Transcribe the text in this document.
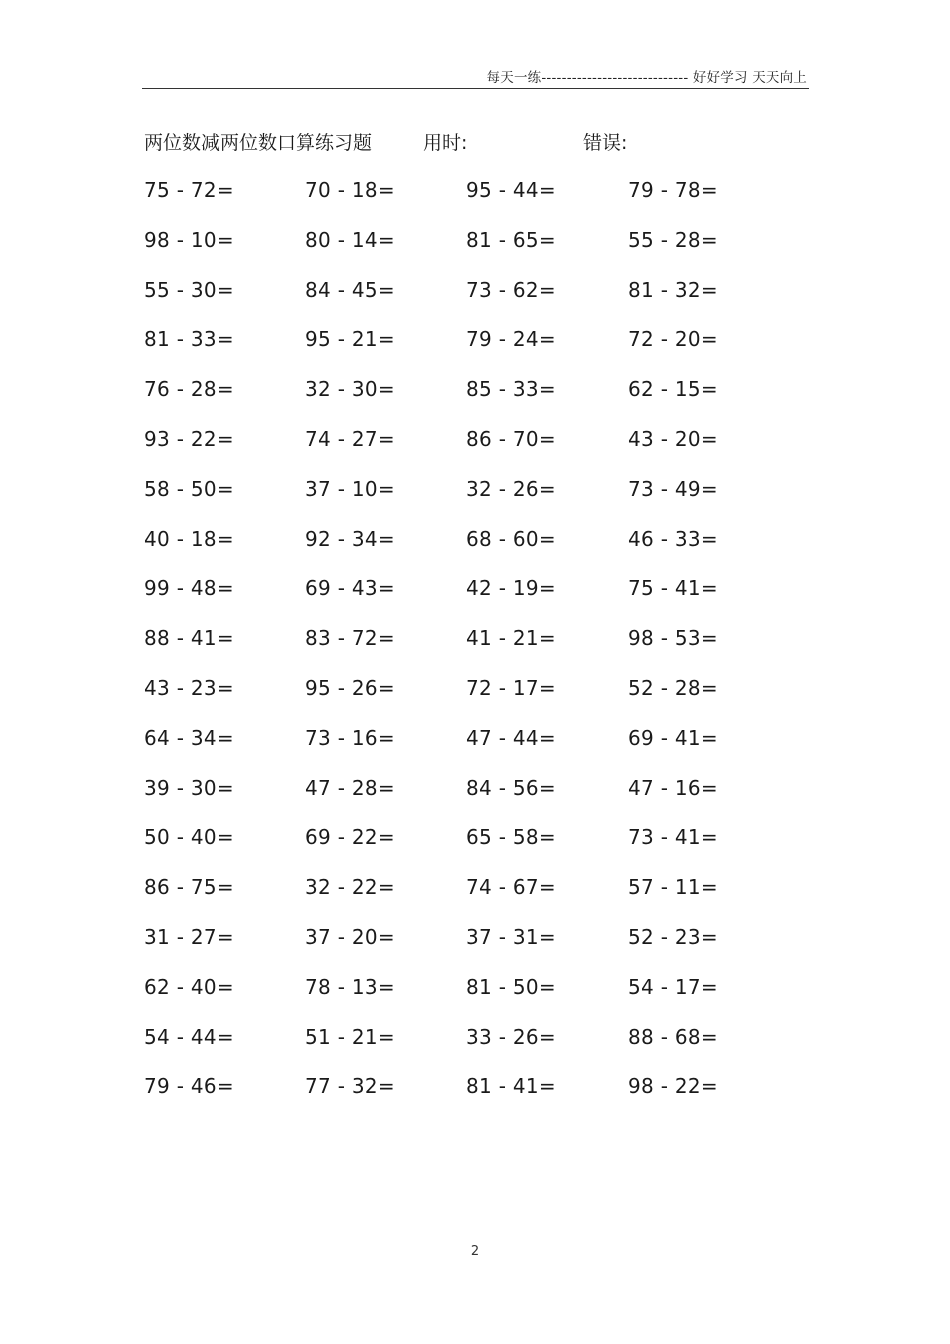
每天一练----------------------------- 好好学习 天天向上
两位数减两位数口算练习题	用时:	错误:
75 - 72=	70 - 18=	95 - 44=	79 - 78=
98 - 10=	80 - 14=	81 - 65=	55 - 28=
55 - 30=	84 - 45=	73 - 62=	81 - 32=
81 - 33=	95 - 21=	79 - 24=	72 - 20=
76 - 28=	32 - 30=	85 - 33=	62 - 15=
93 - 22=	74 - 27=	86 - 70=	43 - 20=
58 - 50=	37 - 10=	32 - 26=	73 - 49=
40 - 18=	92 - 34=	68 - 60=	46 - 33=
99 - 48=	69 - 43=	42 - 19=	75 - 41=
88 - 41=	83 - 72=	41 - 21=	98 - 53=
43 - 23=	95 - 26=	72 - 17=	52 - 28=
64 - 34=	73 - 16=	47 - 44=	69 - 41=
39 - 30=	47 - 28=	84 - 56=	47 - 16=
50 - 40=	69 - 22=	65 - 58=	73 - 41=
86 - 75=	32 - 22=	74 - 67=	57 - 11=
31 - 27=	37 - 20=	37 - 31=	52 - 23=
62 - 40=	78 - 13=	81 - 50=	54 - 17=
54 - 44=	51 - 21=	33 - 26=	88 - 68=
79 - 46=	77 - 32=	81 - 41=	98 - 22=
2
